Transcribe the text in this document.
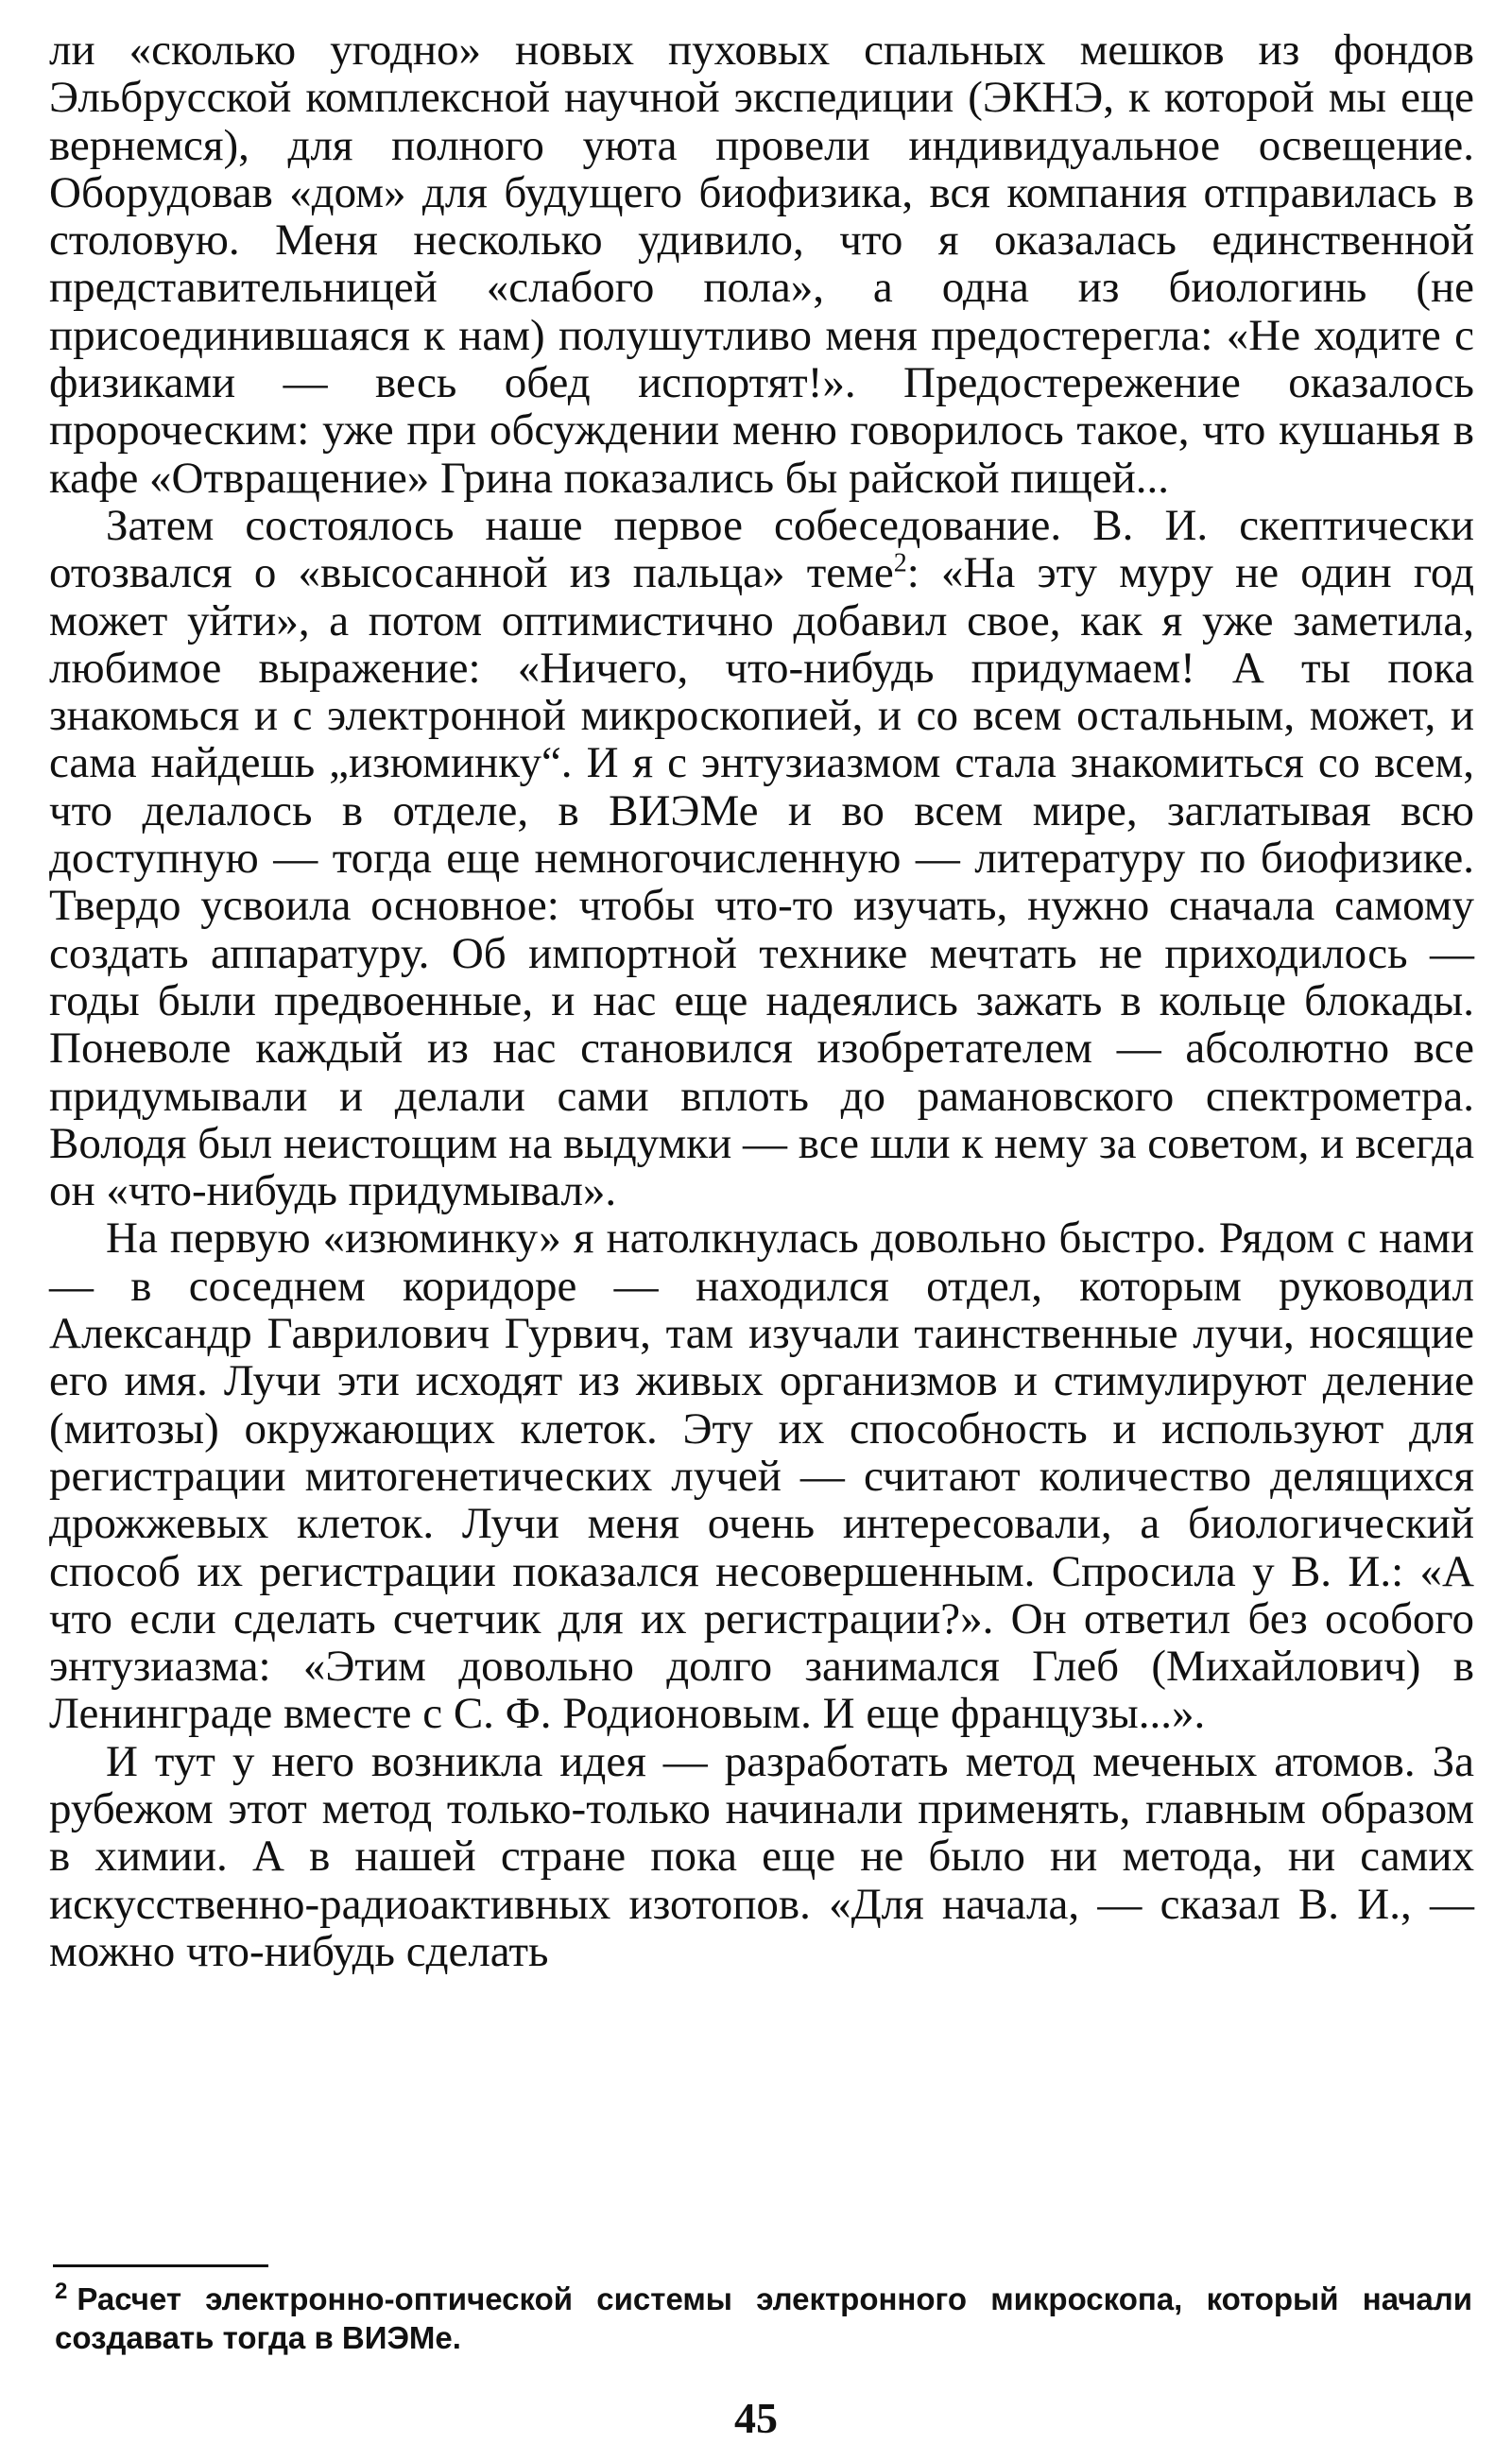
ли «сколько угодно» новых пуховых спальных мешков из фондов Эльбрусской комплексной научной экспедиции (ЭКНЭ, к которой мы еще вернемся), для полного уюта провели индивидуальное освещение. Оборудовав «дом» для будущего биофизика, вся компания отправилась в столовую. Меня несколько удивило, что я оказалась единственной представительницей «слабого пола», а одна из биологинь (не присоединившаяся к нам) полушутливо меня предостерегла: «Не ходите с физиками — весь обед испортят!». Предостережение оказалось пророческим: уже при обсуждении меню говорилось такое, что кушанья в кафе «Отвращение» Грина показались бы райской пищей...

Затем состоялось наше первое собеседование. В. И. скептически отозвался о «высосанной из пальца» теме$^2$: «На эту муру не один год может уйти», а потом оптимистично добавил свое, как я уже заметила, любимое выражение: «Ничего, что-нибудь придумаем! А ты пока знакомься и с электронной микроскопией, и со всем остальным, может, и сама найдешь „изюминку“. И я с энтузиазмом стала знакомиться со всем, что делалось в отделе, в ВИЭМе и во всем мире, заглатывая всю доступную — тогда еще немногочисленную — литературу по биофизике. Твердо усвоила основное: чтобы что-то изучать, нужно сначала самому создать аппаратуру. Об импортной технике мечтать не приходилось — годы были предвоенные, и нас еще надеялись зажать в кольце блокады. Поневоле каждый из нас становился изобретателем — абсолютно все придумывали и делали сами вплоть до рамановского спектрометра. Володя был неистощим на выдумки — все шли к нему за советом, и всегда он «что-нибудь придумывал».

На первую «изюминку» я натолкнулась довольно быстро. Рядом с нами — в соседнем коридоре — находился отдел, которым руководил Александр Гаврилович Гурвич, там изучали таинственные лучи, носящие его имя. Лучи эти исходят из живых организмов и стимулируют деление (митозы) окружающих клеток. Эту их способность и используют для регистрации митогенетических лучей — считают количество делящихся дрожжевых клеток. Лучи меня очень интересовали, а биологический способ их регистрации показался несовершенным. Спросила у В. И.: «А что если сделать счетчик для их регистрации?». Он ответил без особого энтузиазма: «Этим довольно долго занимался Глеб (Михайлович) в Ленинграде вместе с С. Ф. Родионовым. И еще французы...».

И тут у него возникла идея — разработать метод меченых атомов. За рубежом этот метод только-только начинали применять, главным образом в химии. А в нашей стране пока еще не было ни метода, ни самих искусственно-радиоактивных изотопов. «Для начала, — сказал В. И., — можно что-нибудь сделать

$^2$ Расчет электронно-оптической системы электронного микроскопа, который начали создавать тогда в ВИЭМе.
45
